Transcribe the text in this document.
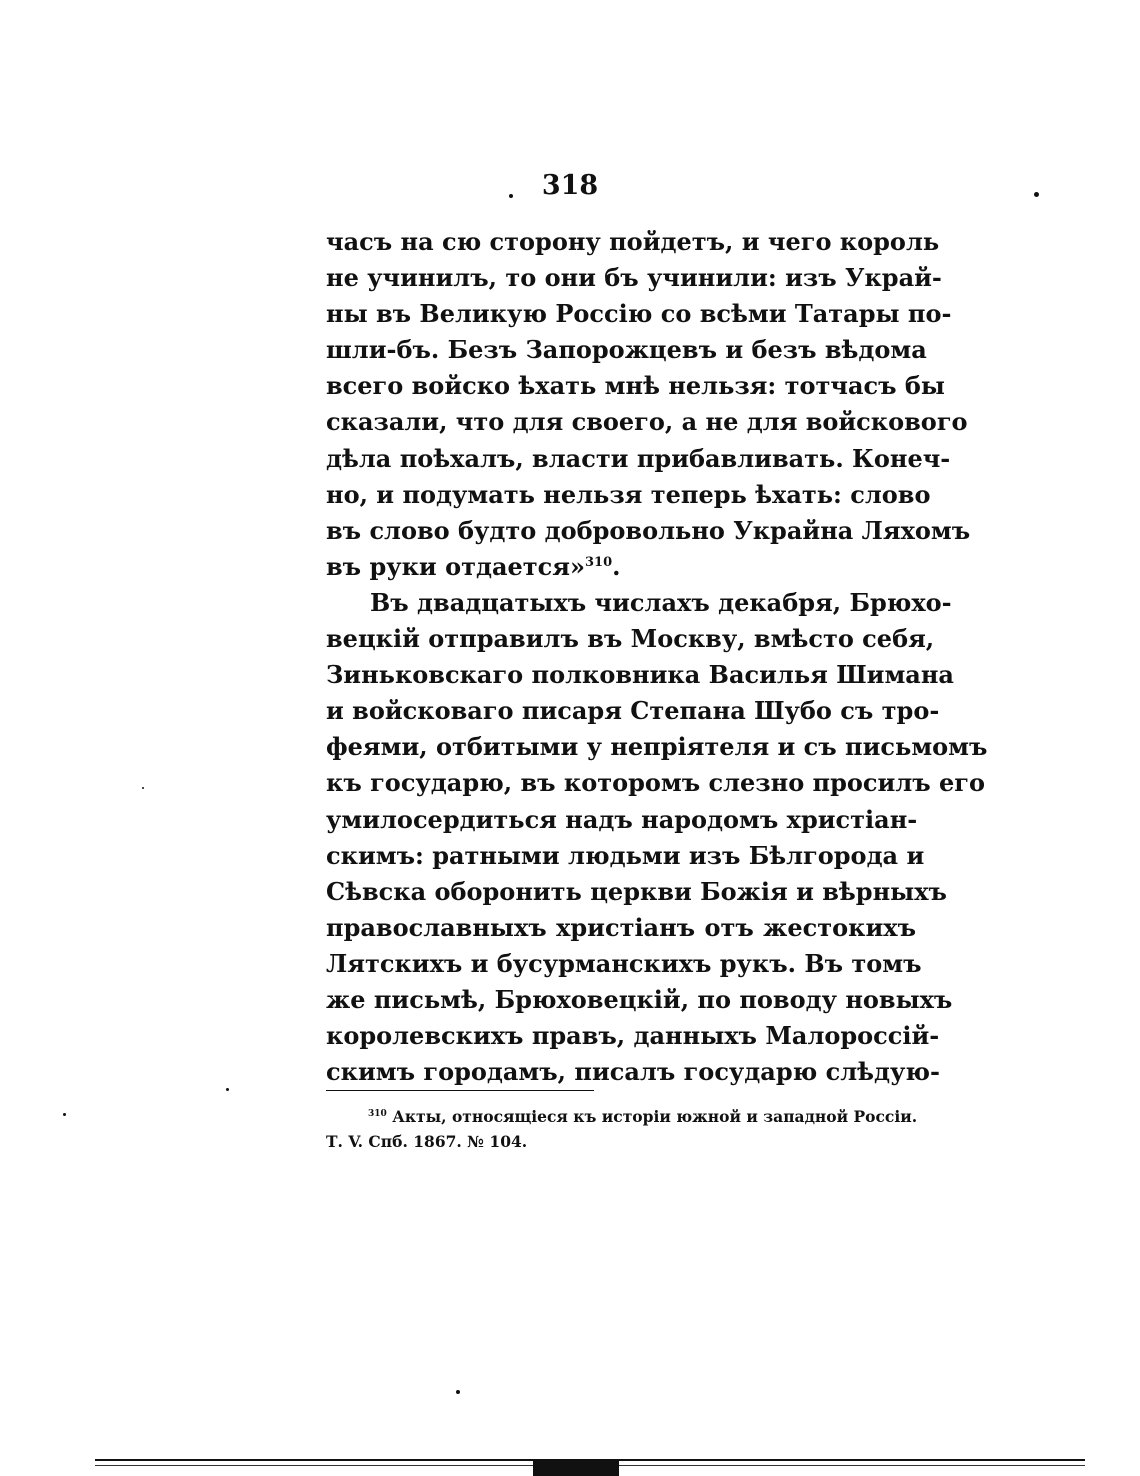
318
часъ на сю сторону пойдетъ, и чего король
не учинилъ, то они бъ учинили: изъ Украй-
ны въ Великую Россію со всѣми Татары по-
шли-бъ. Безъ Запорожцевъ и безъ вѣдома
всего войско ѣхать мнѣ нельзя: тотчасъ бы
сказали, что для своего, а не для войскового
дѣла поѣхалъ, власти прибавливать. Конеч-
но, и подумать нельзя теперь ѣхать: слово
въ слово будто добровольно Украйна Ляхомъ
въ руки отдается»$^{310}$.
Въ двадцатыхъ числахъ декабря, Брюхо-
вецкій отправилъ въ Москву, вмѣсто себя,
Зиньковскаго полковника Василья Шимана
и войсковаго писаря Степана Шубо съ тро-
феями, отбитыми у непріятеля и съ письмомъ
къ государю, въ которомъ слезно просилъ его
умилосердиться надъ народомъ христіан-
скимъ: ратными людьми изъ Бѣлгорода и
Сѣвска оборонить церкви Божія и вѣрныхъ
православныхъ христіанъ отъ жестокихъ
Лятскихъ и бусурманскихъ рукъ. Въ томъ
же письмѣ, Брюховецкій, по поводу новыхъ
королевскихъ правъ, данныхъ Малороссій-
скимъ городамъ, писалъ государю слѣдую-
$^{310}$ Акты, относящіеся къ исторіи южной и западной Россіи.
Т. V. Спб. 1867. № 104.
